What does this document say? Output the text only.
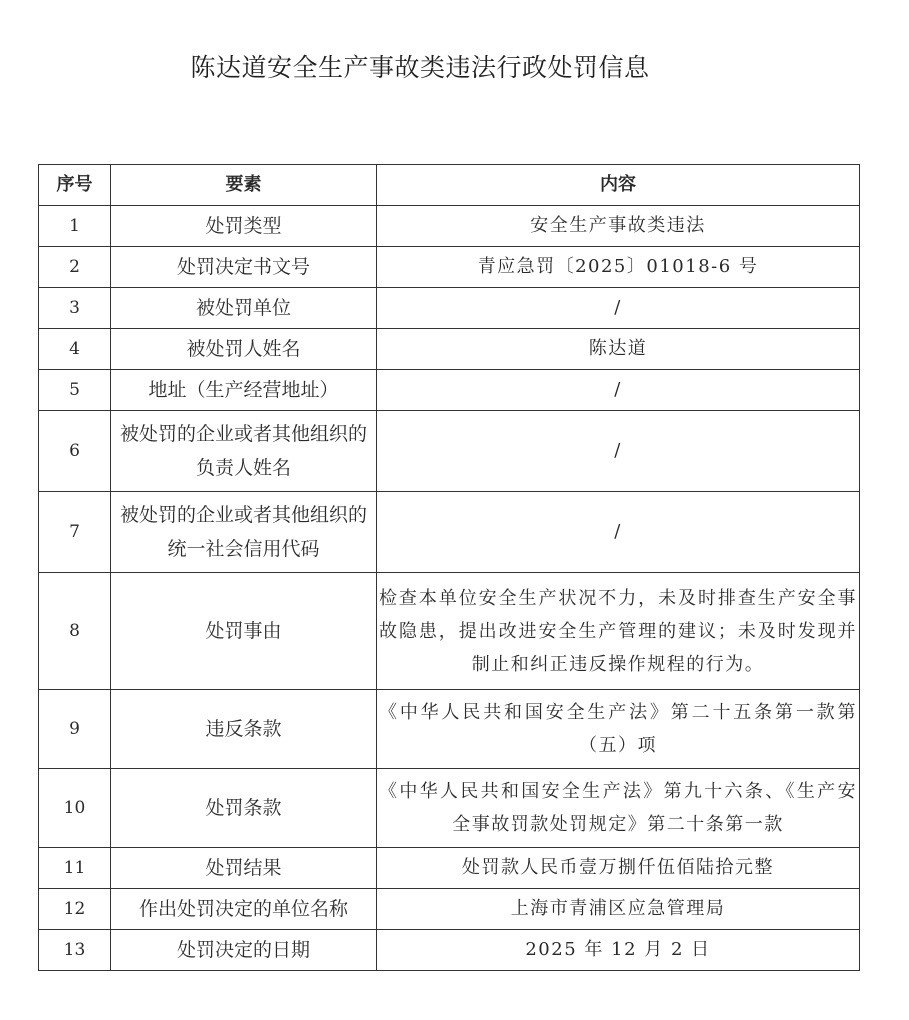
陈达道安全生产事故类违法行政处罚信息
序号	要素	内容
1	处罚类型	安全生产事故类违法
2	处罚决定书文号	青应急罚〔2025〕01018-6 号
3	被处罚单位	/
4	被处罚人姓名	陈达道
5	地址（生产经营地址）	/
6	被处罚的企业或者其他组织的负责人姓名	/
7	被处罚的企业或者其他组织的统一社会信用代码	/
8	处罚事由	检查本单位安全生产状况不力，未及时排查生产安全事故隐患，提出改进安全生产管理的建议；未及时发现并制止和纠正违反操作规程的行为。
9	违反条款	《中华人民共和国安全生产法》第二十五条第一款第（五）项
10	处罚条款	《中华人民共和国安全生产法》第九十六条、《生产安全事故罚款处罚规定》第二十条第一款
11	处罚结果	处罚款人民币壹万捌仟伍佰陆拾元整
12	作出处罚决定的单位名称	上海市青浦区应急管理局
13	处罚决定的日期	2025 年 12 月 2 日
